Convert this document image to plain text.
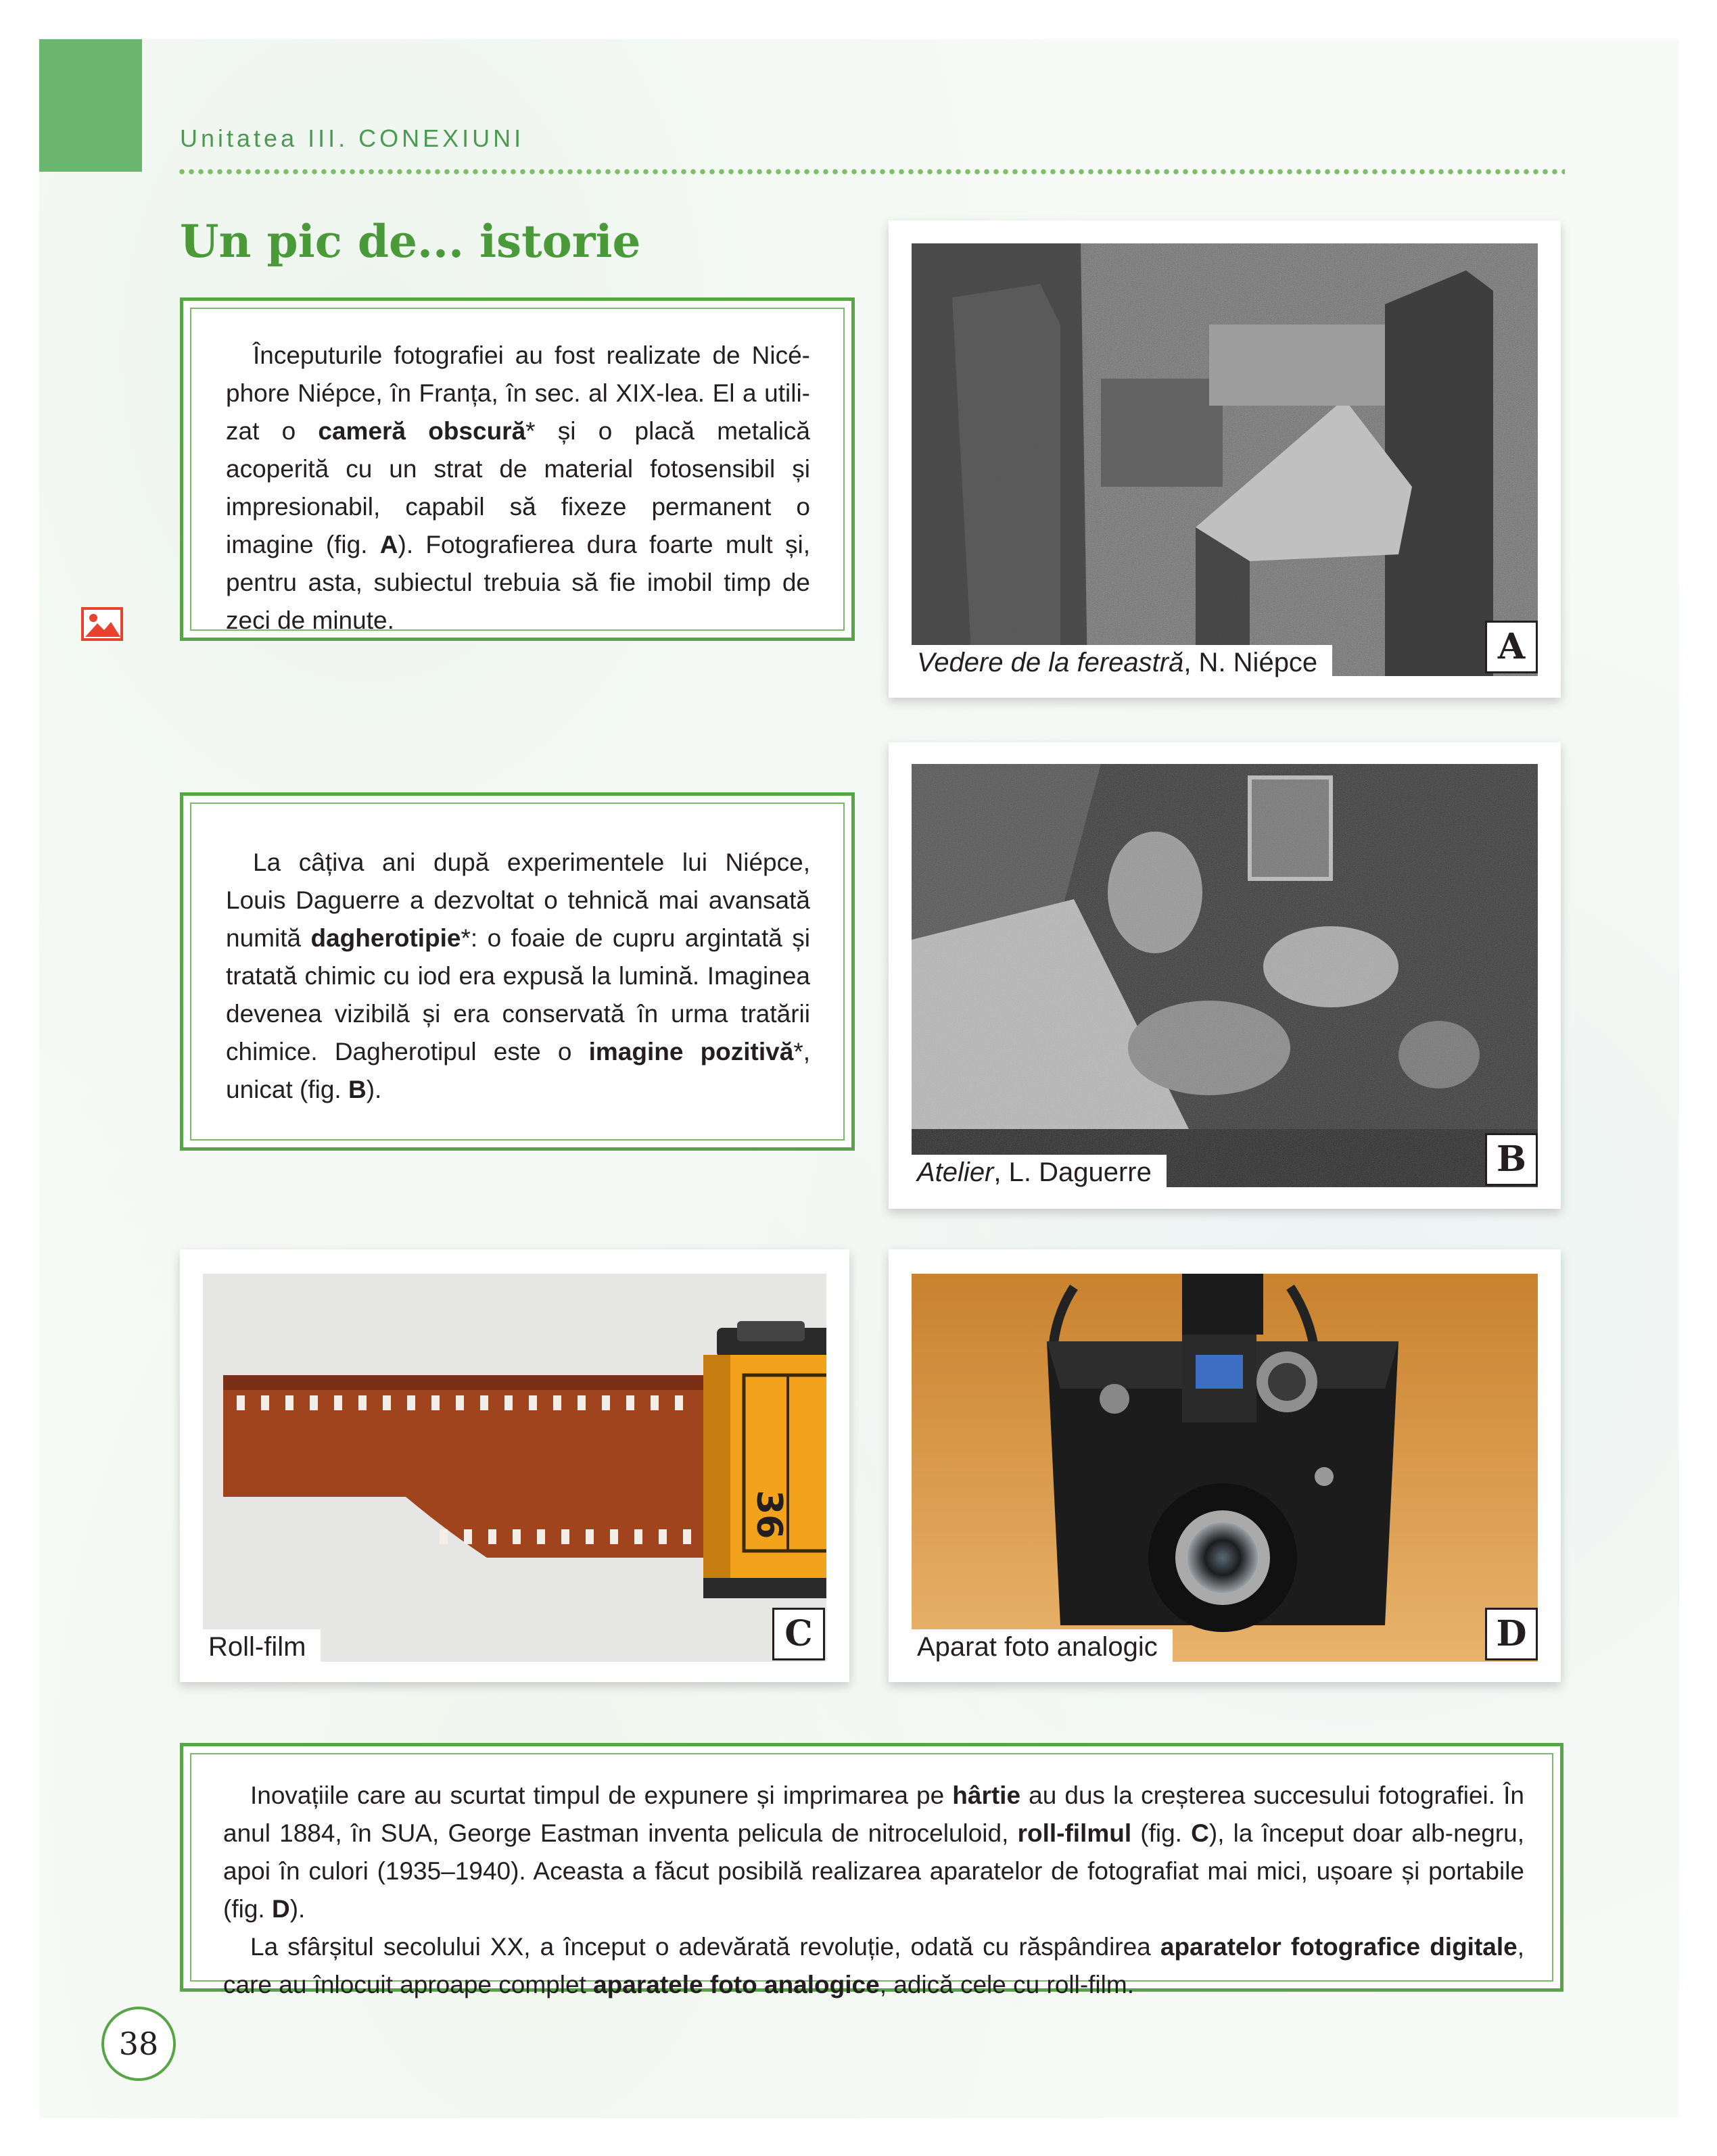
Unitatea III. CONEXIUNI
Un pic de... istorie

Începuturile fotografiei au fost realizate de Nicéphore Niépce, în Franța, în sec. al XIX-lea. El a utilizat o cameră obscură* și o placă metalică acoperită cu un strat de material fotosensibil și impresionabil, capabil să fixeze permanent o imagine (fig. A). Fotografierea dura foarte mult și, pentru asta, subiectul trebuia să fie imobil timp de zeci de minute.

La câțiva ani după experimentele lui Niépce, Louis Daguerre a dezvoltat o tehnică mai avansată numită dagherotipie*: o foaie de cupru argintată și tratată chimic cu iod era expusă la lumină. Imaginea devenea vizibilă și era conservată în urma tratării chimice. Dagherotipul este o imagine pozitivă*, unicat (fig. B).

Vedere de la fereastră, N. Niépce	A
Atelier, L. Daguerre	B
36
Roll-film	C	Aparat foto analogic	D

Inovațiile care au scurtat timpul de expunere și imprimarea pe hârtie au dus la creșterea succesului fotografiei. În anul 1884, în SUA, George Eastman inventa pelicula de nitroceluloid, roll-filmul (fig. C), la început doar alb-negru, apoi în culori (1935–1940). Aceasta a făcut posibilă realizarea aparatelor de fotografiat mai mici, ușoare și portabile (fig. D).

La sfârșitul secolului XX, a început o adevărată revoluție, odată cu răspândirea aparatelor fotografice digitale, care au înlocuit aproape complet aparatele foto analogice, adică cele cu roll-film.

38
